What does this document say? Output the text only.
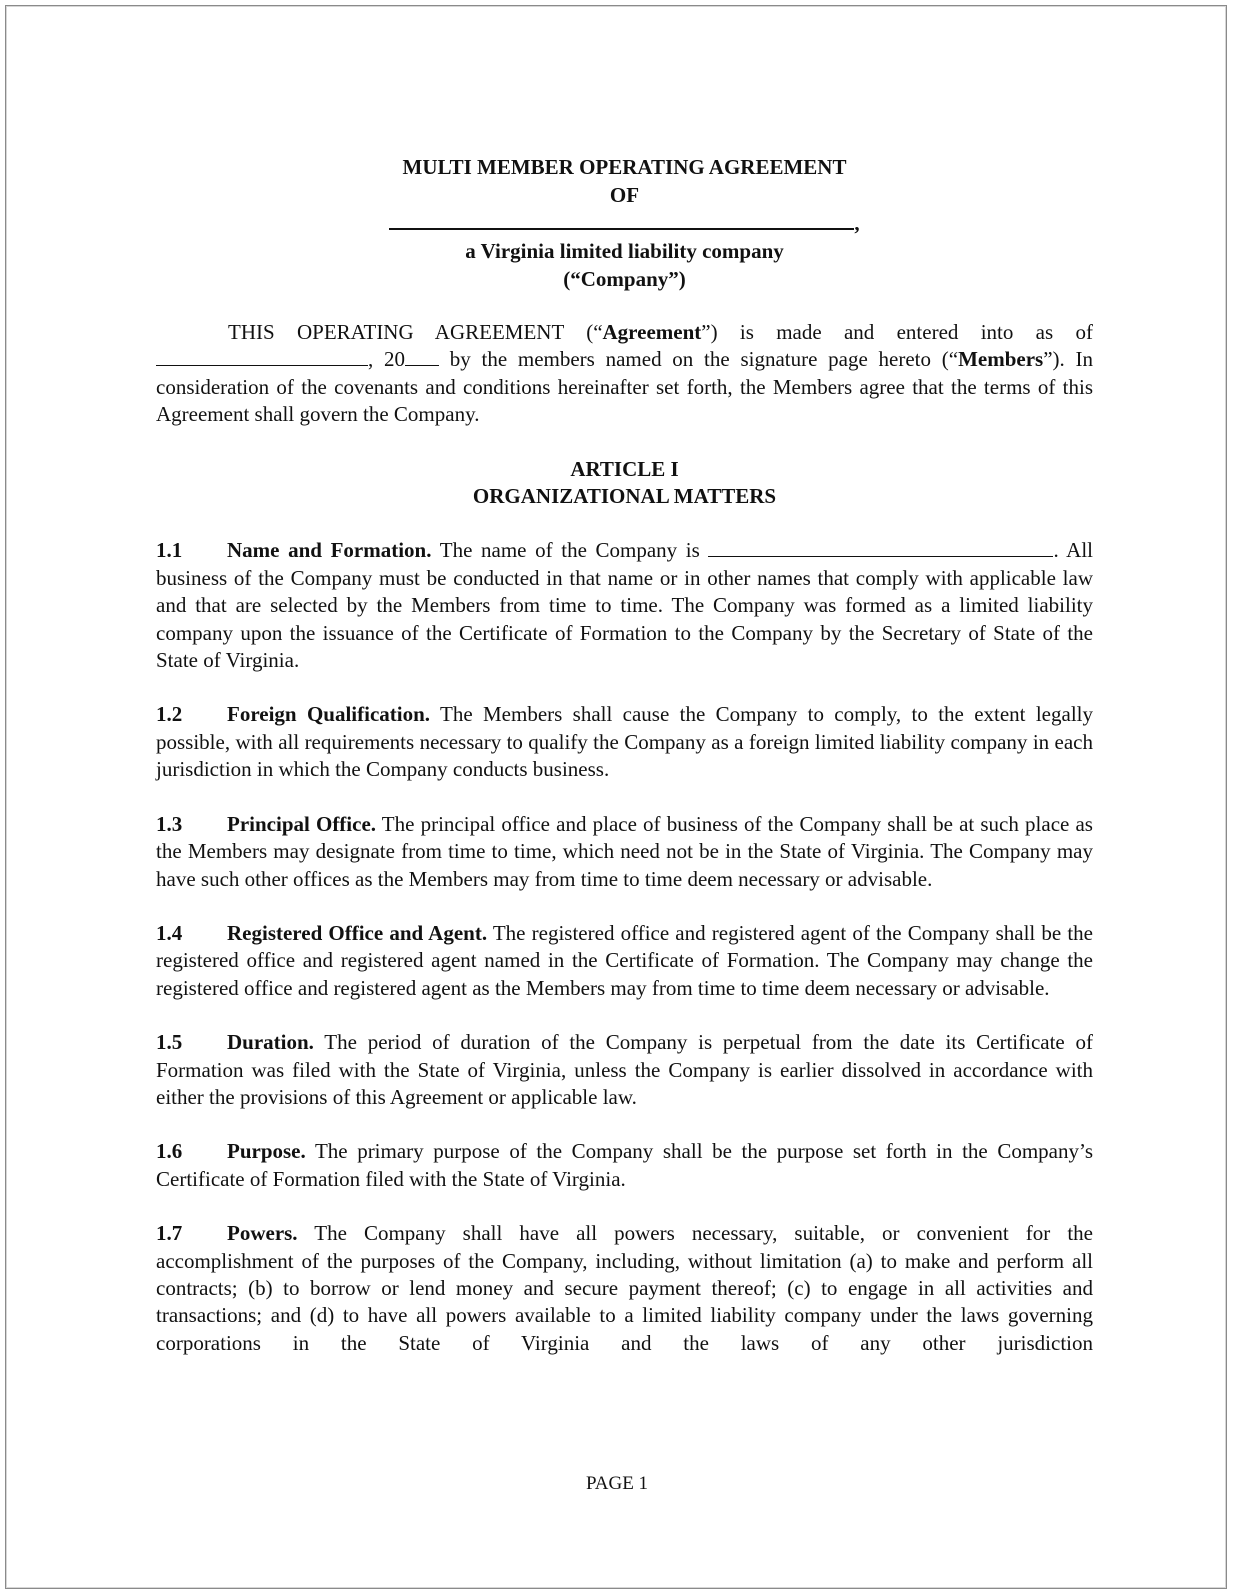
MULTI MEMBER OPERATING AGREEMENT
OF
,
a Virginia limited liability company
(“Company”)

THIS OPERATING AGREEMENT (“Agreement”) is made and entered into as of , 20 by the members named on the signature page hereto (“Members”). In consideration of the covenants and conditions hereinafter set forth, the Members agree that the terms of this Agreement shall govern the Company.

ARTICLE I
ORGANIZATIONAL MATTERS

1.1 Name and Formation. The name of the Company is	. All business of the Company must be conducted in that name or in other names that comply with applicable law and that are selected by the Members from time to time. The Company was formed as a limited liability company upon the issuance of the Certificate of Formation to the Company by the Secretary of State of the State of Virginia.

1.2 Foreign Qualification. The Members shall cause the Company to comply, to the extent legally possible, with all requirements necessary to qualify the Company as a foreign limited liability company in each jurisdiction in which the Company conducts business.

1.3 Principal Office. The principal office and place of business of the Company shall be at such place as the Members may designate from time to time, which need not be in the State of Virginia. The Company may have such other offices as the Members may from time to time deem necessary or advisable.

1.4 Registered Office and Agent. The registered office and registered agent of the Company shall be the registered office and registered agent named in the Certificate of Formation. The Company may change the registered office and registered agent as the Members may from time to time deem necessary or advisable.

1.5 Duration. The period of duration of the Company is perpetual from the date its Certificate of Formation was filed with the State of Virginia, unless the Company is earlier dissolved in accordance with either the provisions of this Agreement or applicable law.

1.6 Purpose. The primary purpose of the Company shall be the purpose set forth in the Company’s Certificate of Formation filed with the State of Virginia.

1.7 Powers. The Company shall have all powers necessary, suitable, or convenient for the accomplishment of the purposes of the Company, including, without limitation (a) to make and perform all contracts; (b) to borrow or lend money and secure payment thereof; (c) to engage in all activities and transactions; and (d) to have all powers available to a limited liability company under the laws governing corporations in the State of Virginia and the laws of any other jurisdiction

PAGE 1
